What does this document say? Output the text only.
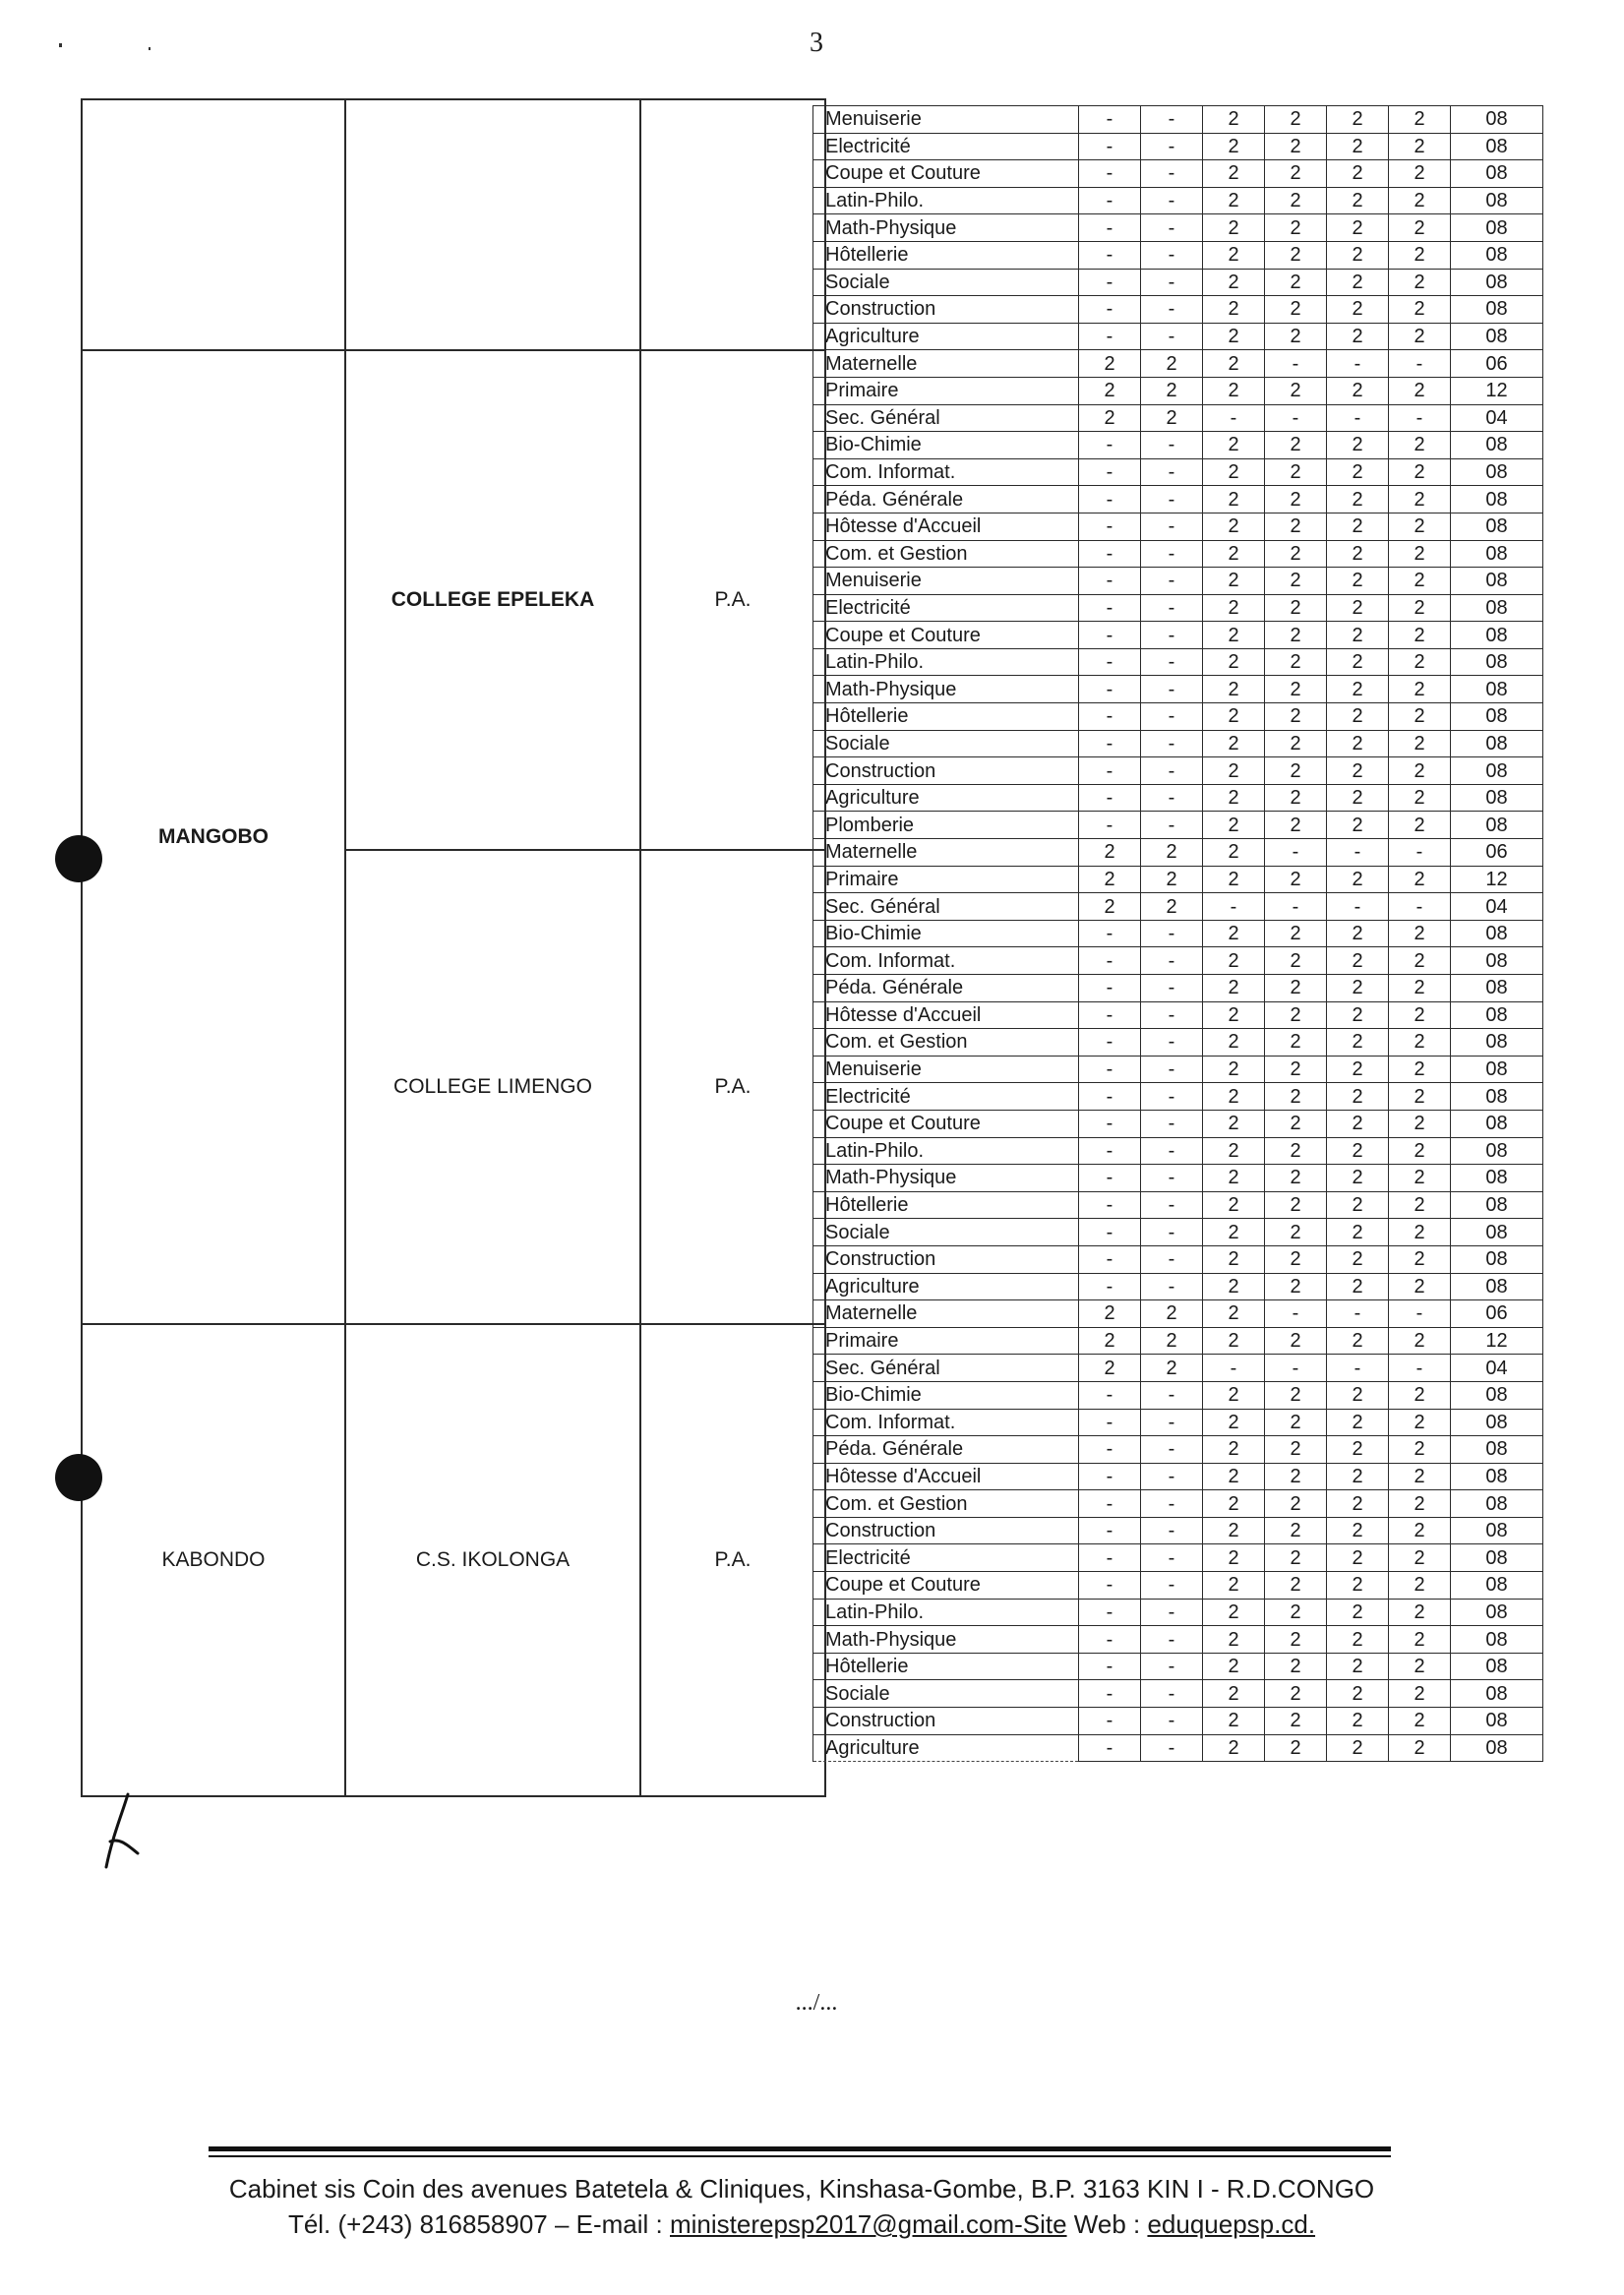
3

MANGOBO	COLLEGE EPELEKA	P.A.
	COLLEGE LIMENGO	P.A.
KABONDO	C.S. IKOLONGA	P.A.
Menuiserie	-	-	2	2	2	2	08
Electricité	-	-	2	2	2	2	08
Coupe et Couture	-	-	2	2	2	2	08
Latin-Philo.	-	-	2	2	2	2	08
Math-Physique	-	-	2	2	2	2	08
Hôtellerie	-	-	2	2	2	2	08
Sociale	-	-	2	2	2	2	08
Construction	-	-	2	2	2	2	08
Agriculture	-	-	2	2	2	2	08
Maternelle	2	2	2	-	-	-	06
Primaire	2	2	2	2	2	2	12
Sec. Général	2	2	-	-	-	-	04
Bio-Chimie	-	-	2	2	2	2	08
Com. Informat.	-	-	2	2	2	2	08
Péda. Générale	-	-	2	2	2	2	08
Hôtesse d'Accueil	-	-	2	2	2	2	08
Com. et Gestion	-	-	2	2	2	2	08
Menuiserie	-	-	2	2	2	2	08
Electricité	-	-	2	2	2	2	08
Coupe et Couture	-	-	2	2	2	2	08
Latin-Philo.	-	-	2	2	2	2	08
Math-Physique	-	-	2	2	2	2	08
Hôtellerie	-	-	2	2	2	2	08
Sociale	-	-	2	2	2	2	08
Construction	-	-	2	2	2	2	08
Agriculture	-	-	2	2	2	2	08
Plomberie	-	-	2	2	2	2	08
Maternelle	2	2	2	-	-	-	06
Primaire	2	2	2	2	2	2	12
Sec. Général	2	2	-	-	-	-	04
Bio-Chimie	-	-	2	2	2	2	08
Com. Informat.	-	-	2	2	2	2	08
Péda. Générale	-	-	2	2	2	2	08
Hôtesse d'Accueil	-	-	2	2	2	2	08
Com. et Gestion	-	-	2	2	2	2	08
Menuiserie	-	-	2	2	2	2	08
Electricité	-	-	2	2	2	2	08
Coupe et Couture	-	-	2	2	2	2	08
Latin-Philo.	-	-	2	2	2	2	08
Math-Physique	-	-	2	2	2	2	08
Hôtellerie	-	-	2	2	2	2	08
Sociale	-	-	2	2	2	2	08
Construction	-	-	2	2	2	2	08
Agriculture	-	-	2	2	2	2	08
Maternelle	2	2	2	-	-	-	06
Primaire	2	2	2	2	2	2	12
Sec. Général	2	2	-	-	-	-	04
Bio-Chimie	-	-	2	2	2	2	08
Com. Informat.	-	-	2	2	2	2	08
Péda. Générale	-	-	2	2	2	2	08
Hôtesse d'Accueil	-	-	2	2	2	2	08
Com. et Gestion	-	-	2	2	2	2	08
Construction	-	-	2	2	2	2	08
Electricité	-	-	2	2	2	2	08
Coupe et Couture	-	-	2	2	2	2	08
Latin-Philo.	-	-	2	2	2	2	08
Math-Physique	-	-	2	2	2	2	08
Hôtellerie	-	-	2	2	2	2	08
Sociale	-	-	2	2	2	2	08
Construction	-	-	2	2	2	2	08
Agriculture	-	-	2	2	2	2	08
.../...
Cabinet sis Coin des avenues Batetela & Cliniques, Kinshasa-Gombe, B.P. 3163 KIN I - R.D.CONGO
Tél. (+243) 816858907 – E-mail : ministerepsp2017@gmail.com-Site Web : eduquepsp.cd.
